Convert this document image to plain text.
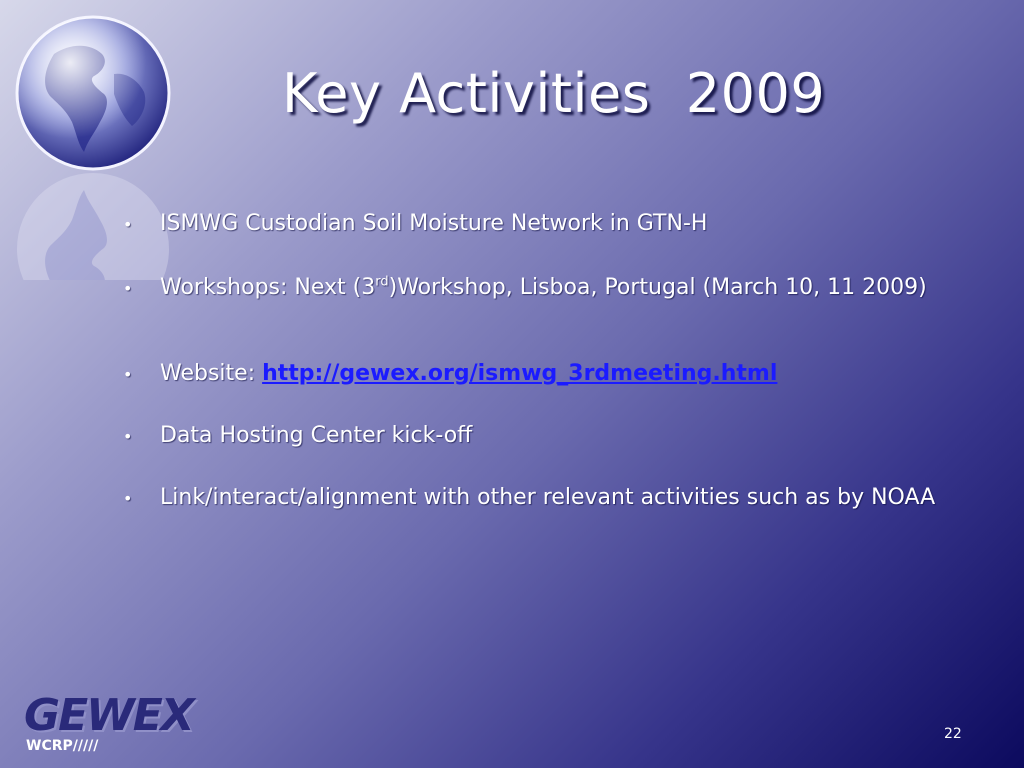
Key Activities  2009
• ISMWG Custodian Soil Moisture Network in GTN-H
• Workshops: Next (3rd)Workshop, Lisboa, Portugal (March 10, 11 2009)
• Website: http://gewex.org/ismwg_3rdmeeting.html
• Data Hosting Center kick-off
• Link/interact/alignment with other relevant activities such as by NOAA
GEWEX
WCRP/////
22
